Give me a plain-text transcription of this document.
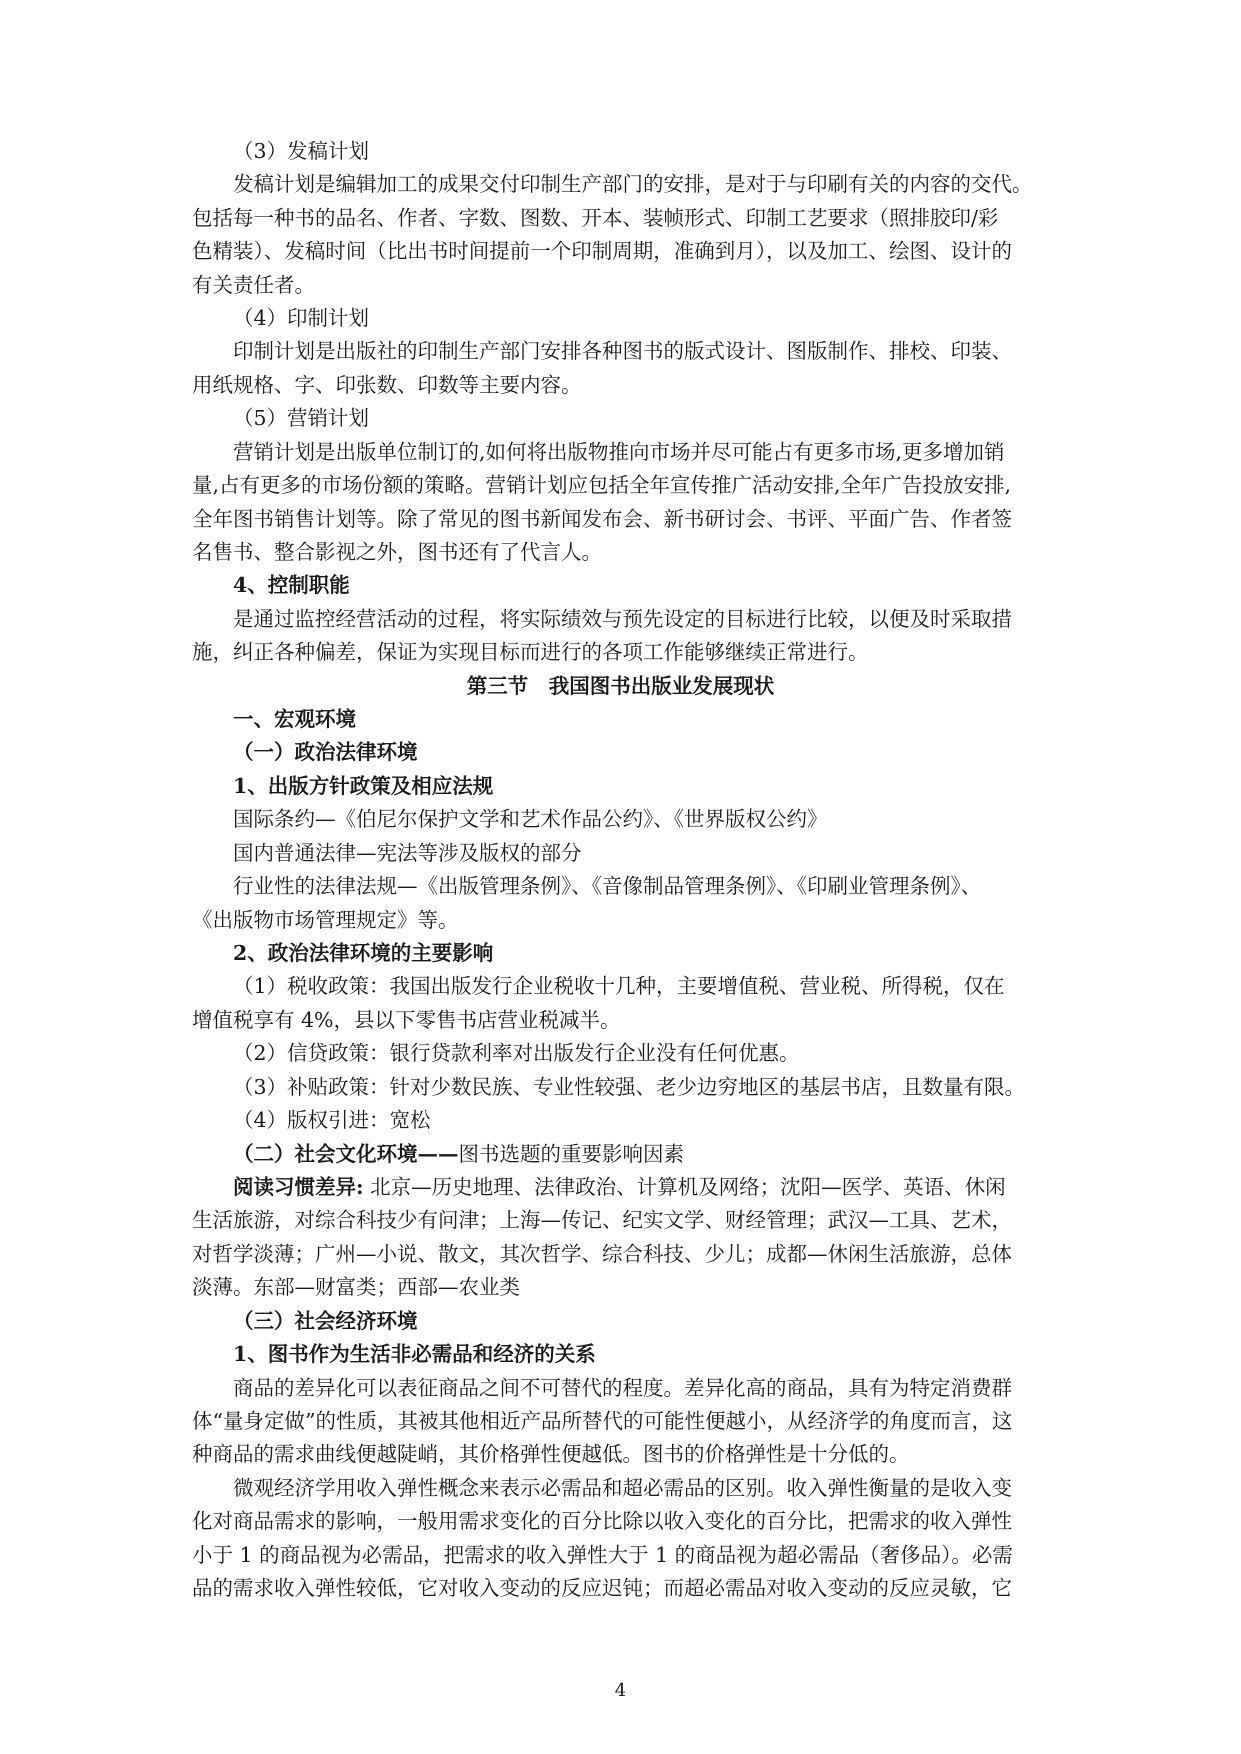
（3）发稿计划

发稿计划是编辑加工的成果交付印制生产部门的安排，是对于与印刷有关的内容的交代。

包括每一种书的品名、作者、字数、图数、开本、装帧形式、印制工艺要求（照排胶印/彩

色精装）、发稿时间（比出书时间提前一个印制周期，准确到月），以及加工、绘图、设计的

有关责任者。

（4）印制计划

印制计划是出版社的印制生产部门安排各种图书的版式设计、图版制作、排校、印装、

用纸规格、字、印张数、印数等主要内容。

（5）营销计划

营销计划是出版单位制订的,如何将出版物推向市场并尽可能占有更多市场,更多增加销

量,占有更多的市场份额的策略。营销计划应包括全年宣传推广活动安排,全年广告投放安排,

全年图书销售计划等。除了常见的图书新闻发布会、新书研讨会、书评、平面广告、作者签

名售书、整合影视之外，图书还有了代言人。

4、控制职能

是通过监控经营活动的过程，将实际绩效与预先设定的目标进行比较，以便及时采取措

施，纠正各种偏差，保证为实现目标而进行的各项工作能够继续正常进行。

第三节　我国图书出版业发展现状

一、宏观环境

（一）政治法律环境

1、出版方针政策及相应法规

国际条约—《伯尼尔保护文学和艺术作品公约》、《世界版权公约》

国内普通法律—宪法等涉及版权的部分

行业性的法律法规—《出版管理条例》、《音像制品管理条例》、《印刷业管理条例》、

《出版物市场管理规定》等。

2、政治法律环境的主要影响

（1）税收政策：我国出版发行企业税收十几种，主要增值税、营业税、所得税，仅在

增值税享有 4%，县以下零售书店营业税减半。

（2）信贷政策：银行贷款利率对出版发行企业没有任何优惠。

（3）补贴政策：针对少数民族、专业性较强、老少边穷地区的基层书店，且数量有限。

（4）版权引进：宽松

（二）社会文化环境——图书选题的重要影响因素

阅读习惯差异: 北京—历史地理、法律政治、计算机及网络；沈阳—医学、英语、休闲

生活旅游，对综合科技少有问津；上海—传记、纪实文学、财经管理；武汉—工具、艺术，

对哲学淡薄；广州—小说、散文，其次哲学、综合科技、少儿；成都—休闲生活旅游，总体

淡薄。东部—财富类；西部—农业类

（三）社会经济环境

1、图书作为生活非必需品和经济的关系

商品的差异化可以表征商品之间不可替代的程度。差异化高的商品，具有为特定消费群

体“量身定做”的性质，其被其他相近产品所替代的可能性便越小，从经济学的角度而言，这

种商品的需求曲线便越陡峭，其价格弹性便越低。图书的价格弹性是十分低的。

微观经济学用收入弹性概念来表示必需品和超必需品的区别。收入弹性衡量的是收入变

化对商品需求的影响，一般用需求变化的百分比除以收入变化的百分比，把需求的收入弹性

小于 1 的商品视为必需品，把需求的收入弹性大于 1 的商品视为超必需品（奢侈品）。必需

品的需求收入弹性较低，它对收入变动的反应迟钝；而超必需品对收入变动的反应灵敏，它

4
